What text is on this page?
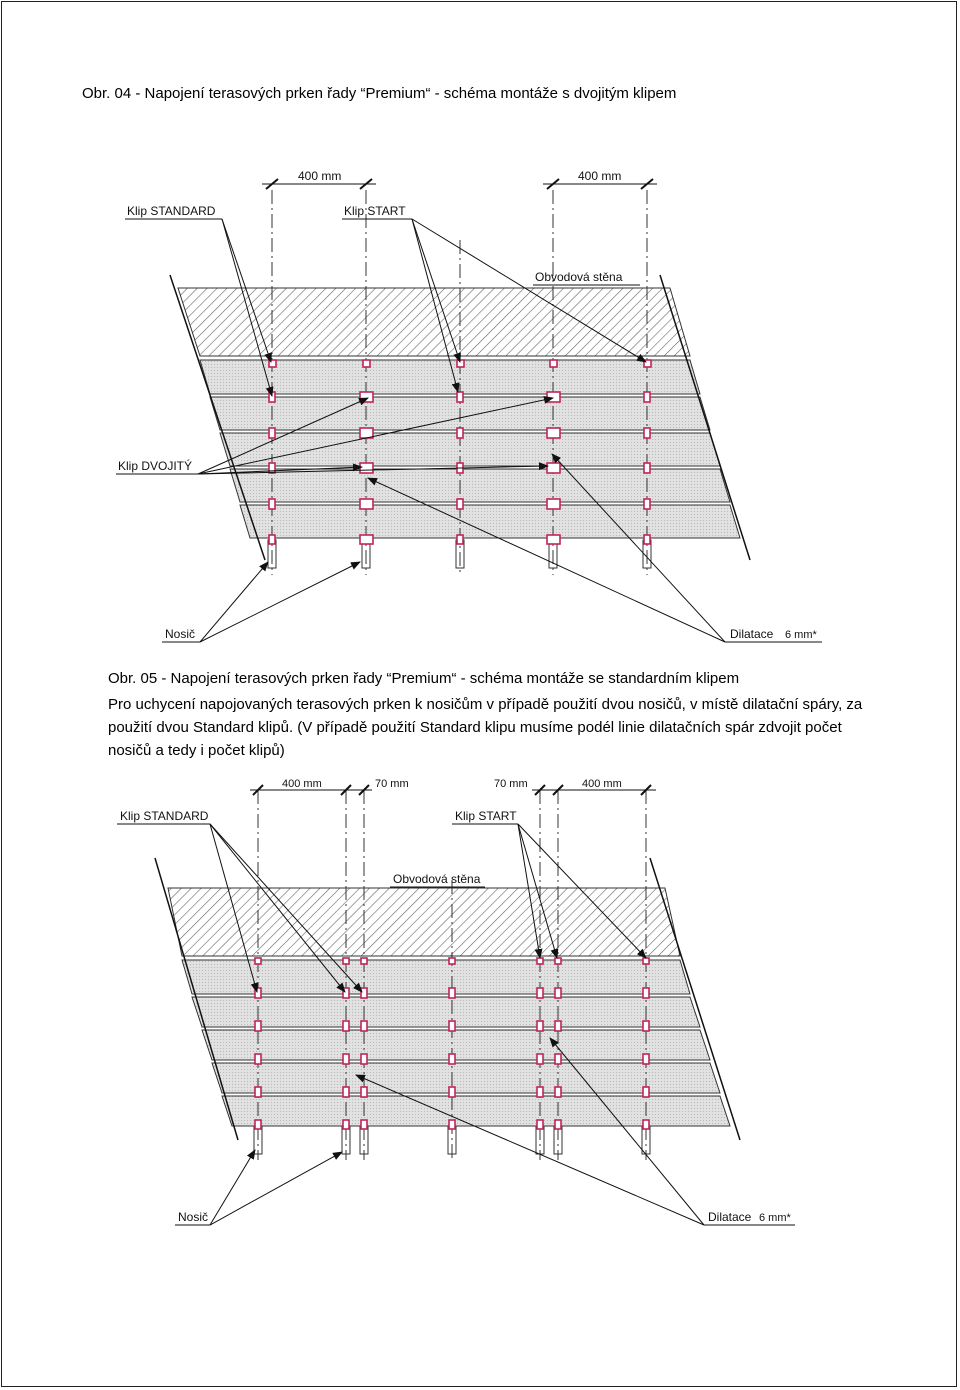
Obr. 04 - Napojení terasových prken řady “Premium“ - schéma montáže s dvojitým klipem
400 mm	400 mm
Klip STANDARD	Klip START
Obvodová stěna
Klip DVOJITÝ
Nosič	Dilatace 6 mm*
Obr. 05 - Napojení terasových prken řady “Premium“ - schéma montáže se standardním klipem
Pro uchycení napojovaných terasových prken k nosičům v případě použití dvou nosičů, v místě dilatační spáry, za použití dvou Standard klipů. (V případě použití Standard klipu musíme podél linie dilatačních spár zdvojit počet nosičů a tedy i počet klipů)
400 mm	70 mm	70 mm	400 mm
Klip STANDARD	Klip START
Obvodová stěna
Nosič	Dilatace 6 mm*
